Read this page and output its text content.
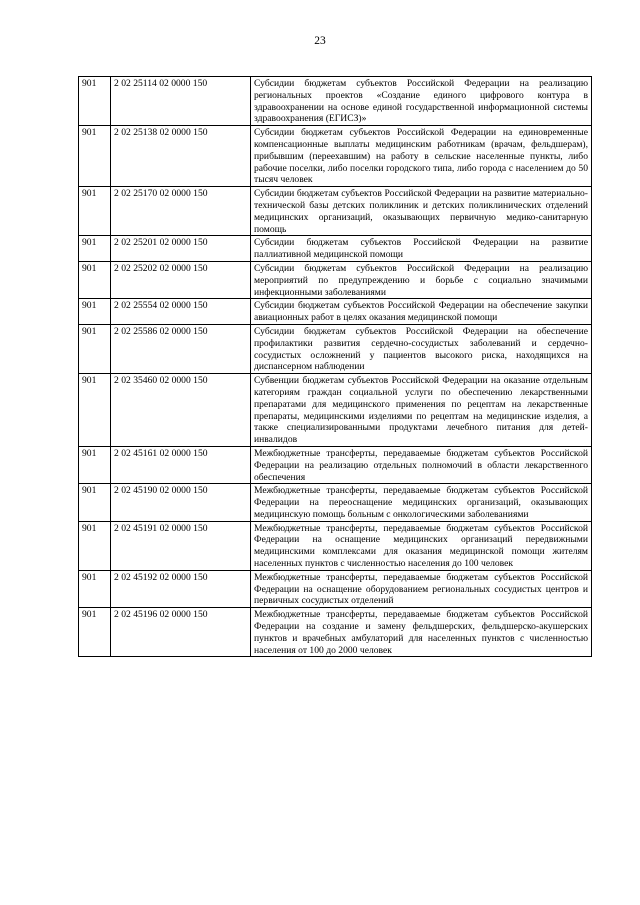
23
901	2 02 25114 02 0000 150	Субсидии бюджетам субъектов Российской Федерации на реализацию региональных проектов «Создание единого цифрового контура в здравоохранении на основе единой государственной информационной системы здравоохранения (ЕГИСЗ)»
901	2 02 25138 02 0000 150	Субсидии бюджетам субъектов Российской Федерации на единовременные компенсационные выплаты медицинским работникам (врачам, фельдшерам), прибывшим (переехавшим) на работу в сельские населенные пункты, либо рабочие поселки, либо поселки городского типа, либо города с населением до 50 тысяч человек
901	2 02 25170 02 0000 150	Субсидии бюджетам субъектов Российской Федерации на развитие материально-технической базы детских поликлиник и детских поликлинических отделений медицинских организаций, оказывающих первичную медико-санитарную помощь
901	2 02 25201 02 0000 150	Субсидии бюджетам субъектов Российской Федерации на развитие паллиативной медицинской помощи
901	2 02 25202 02 0000 150	Субсидии бюджетам субъектов Российской Федерации на реализацию мероприятий по предупреждению и борьбе с социально значимыми инфекционными заболеваниями
901	2 02 25554 02 0000 150	Субсидии бюджетам субъектов Российской Федерации на обеспечение закупки авиационных работ в целях оказания медицинской помощи
901	2 02 25586 02 0000 150	Субсидии бюджетам субъектов Российской Федерации на обеспечение профилактики развития сердечно-сосудистых заболеваний и сердечно-сосудистых осложнений у пациентов высокого риска, находящихся на диспансерном наблюдении
901	2 02 35460 02 0000 150	Субвенции бюджетам субъектов Российской Федерации на оказание отдельным категориям граждан социальной услуги по обеспечению лекарственными препаратами для медицинского применения по рецептам на лекарственные препараты, медицинскими изделиями по рецептам на медицинские изделия, а также специализированными продуктами лечебного питания для детей-инвалидов
901	2 02 45161 02 0000 150	Межбюджетные трансферты, передаваемые бюджетам субъектов Российской Федерации на реализацию отдельных полномочий в области лекарственного обеспечения
901	2 02 45190 02 0000 150	Межбюджетные трансферты, передаваемые бюджетам субъектов Российской Федерации на переоснащение медицинских организаций, оказывающих медицинскую помощь больным с онкологическими заболеваниями
901	2 02 45191 02 0000 150	Межбюджетные трансферты, передаваемые бюджетам субъектов Российской Федерации на оснащение медицинских организаций передвижными медицинскими комплексами для оказания медицинской помощи жителям населенных пунктов с численностью населения до 100 человек
901	2 02 45192 02 0000 150	Межбюджетные трансферты, передаваемые бюджетам субъектов Российской Федерации на оснащение оборудованием региональных сосудистых центров и первичных сосудистых отделений
901	2 02 45196 02 0000 150	Межбюджетные трансферты, передаваемые бюджетам субъектов Российской Федерации на создание и замену фельдшерских, фельдшерско-акушерских пунктов и врачебных амбулаторий для населенных пунктов с численностью населения от 100 до 2000 человек
